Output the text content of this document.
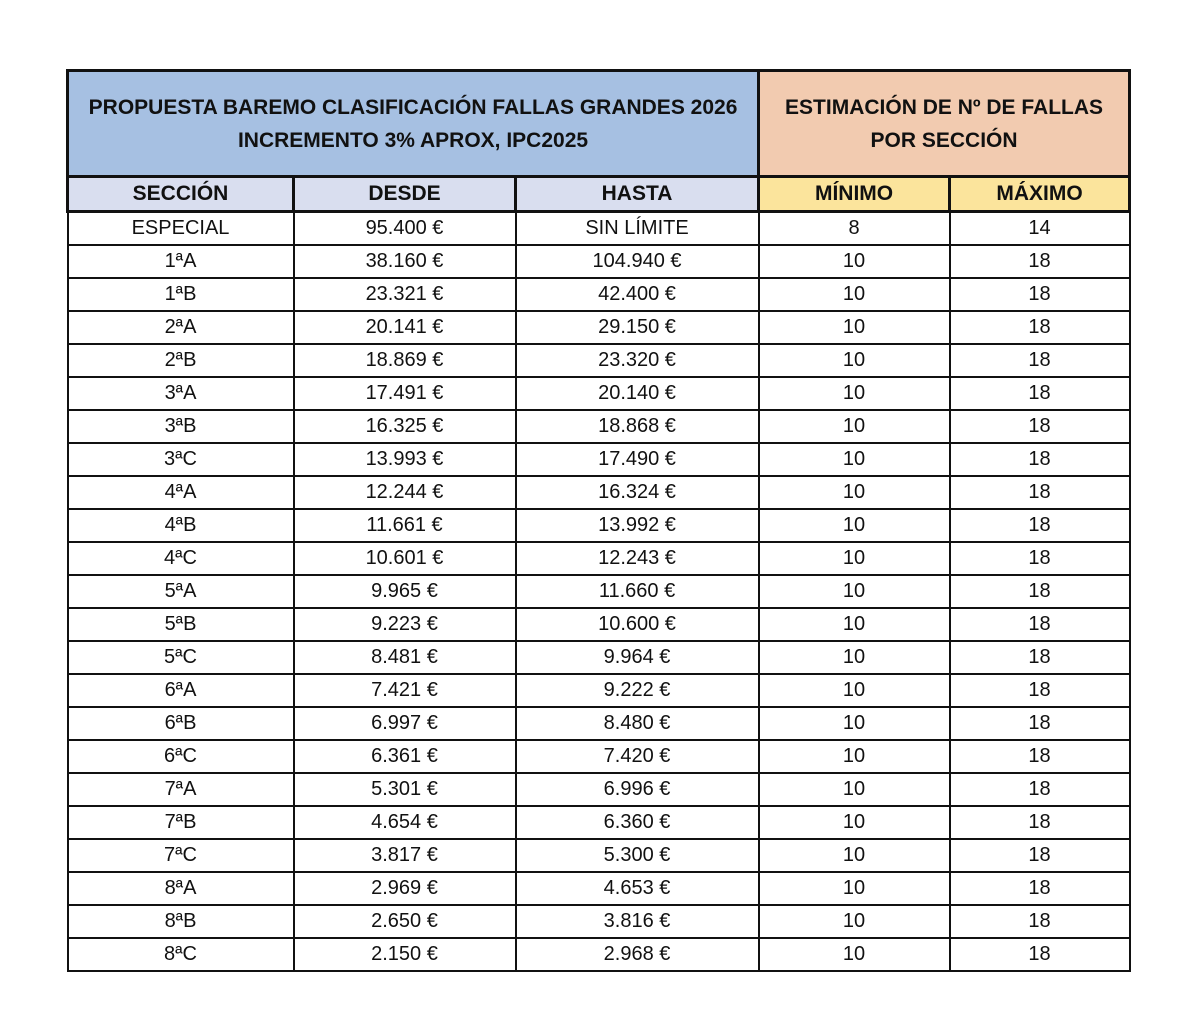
PROPUESTA BAREMO CLASIFICACIÓN FALLAS GRANDES 2026
INCREMENTO 3% APROX, IPC2025			ESTIMACIÓN DE Nº DE FALLAS
POR SECCIÓN	

SECCIÓN	DESDE	HASTA	MÍNIMO	MÁXIMO
ESPECIAL	95.400 €	SIN LÍMITE	8	14
1ªA	38.160 €	104.940 €	10	18
1ªB	23.321 €	42.400 €	10	18
2ªA	20.141 €	29.150 €	10	18
2ªB	18.869 €	23.320 €	10	18
3ªA	17.491 €	20.140 €	10	18
3ªB	16.325 €	18.868 €	10	18
3ªC	13.993 €	17.490 €	10	18
4ªA	12.244 €	16.324 €	10	18
4ªB	11.661 €	13.992 €	10	18
4ªC	10.601 €	12.243 €	10	18
5ªA	9.965 €	11.660 €	10	18
5ªB	9.223 €	10.600 €	10	18
5ªC	8.481 €	9.964 €	10	18
6ªA	7.421 €	9.222 €	10	18
6ªB	6.997 €	8.480 €	10	18
6ªC	6.361 €	7.420 €	10	18
7ªA	5.301 €	6.996 €	10	18
7ªB	4.654 €	6.360 €	10	18
7ªC	3.817 €	5.300 €	10	18
8ªA	2.969 €	4.653 €	10	18
8ªB	2.650 €	3.816 €	10	18
8ªC	2.150 €	2.968 €	10	18
